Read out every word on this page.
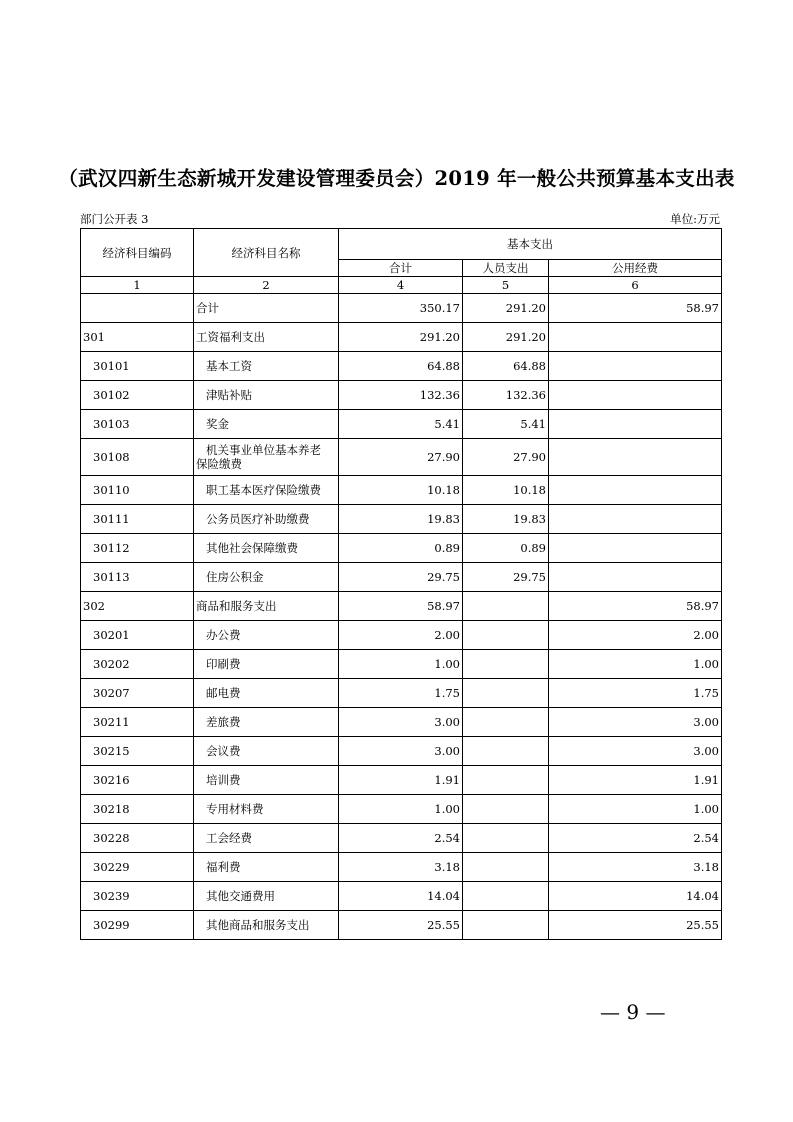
（武汉四新生态新城开发建设管理委员会）2019 年一般公共预算基本支出表
部门公开表 3	单位:万元
经济科目编码	经济科目名称	基本支出		
		合计	人员支出	公用经费
1	2	4	5	6
	合计	350.17	291.20	58.97
301	工资福利支出	291.20	291.20	
30101	基本工资	64.88	64.88	
30102	津贴补贴	132.36	132.36	
30103	奖金	5.41	5.41	
30108	机关事业单位基本养老
保险缴费	27.90	27.90	
30110	职工基本医疗保险缴费	10.18	10.18	
30111	公务员医疗补助缴费	19.83	19.83	
30112	其他社会保障缴费	0.89	0.89	
30113	住房公积金	29.75	29.75	
302	商品和服务支出	58.97		58.97
30201	办公费	2.00		2.00
30202	印刷费	1.00		1.00
30207	邮电费	1.75		1.75
30211	差旅费	3.00		3.00
30215	会议费	3.00		3.00
30216	培训费	1.91		1.91
30218	专用材料费	1.00		1.00
30228	工会经费	2.54		2.54
30229	福利费	3.18		3.18
30239	其他交通费用	14.04		14.04
30299	其他商品和服务支出	25.55		25.55
— 9 —
